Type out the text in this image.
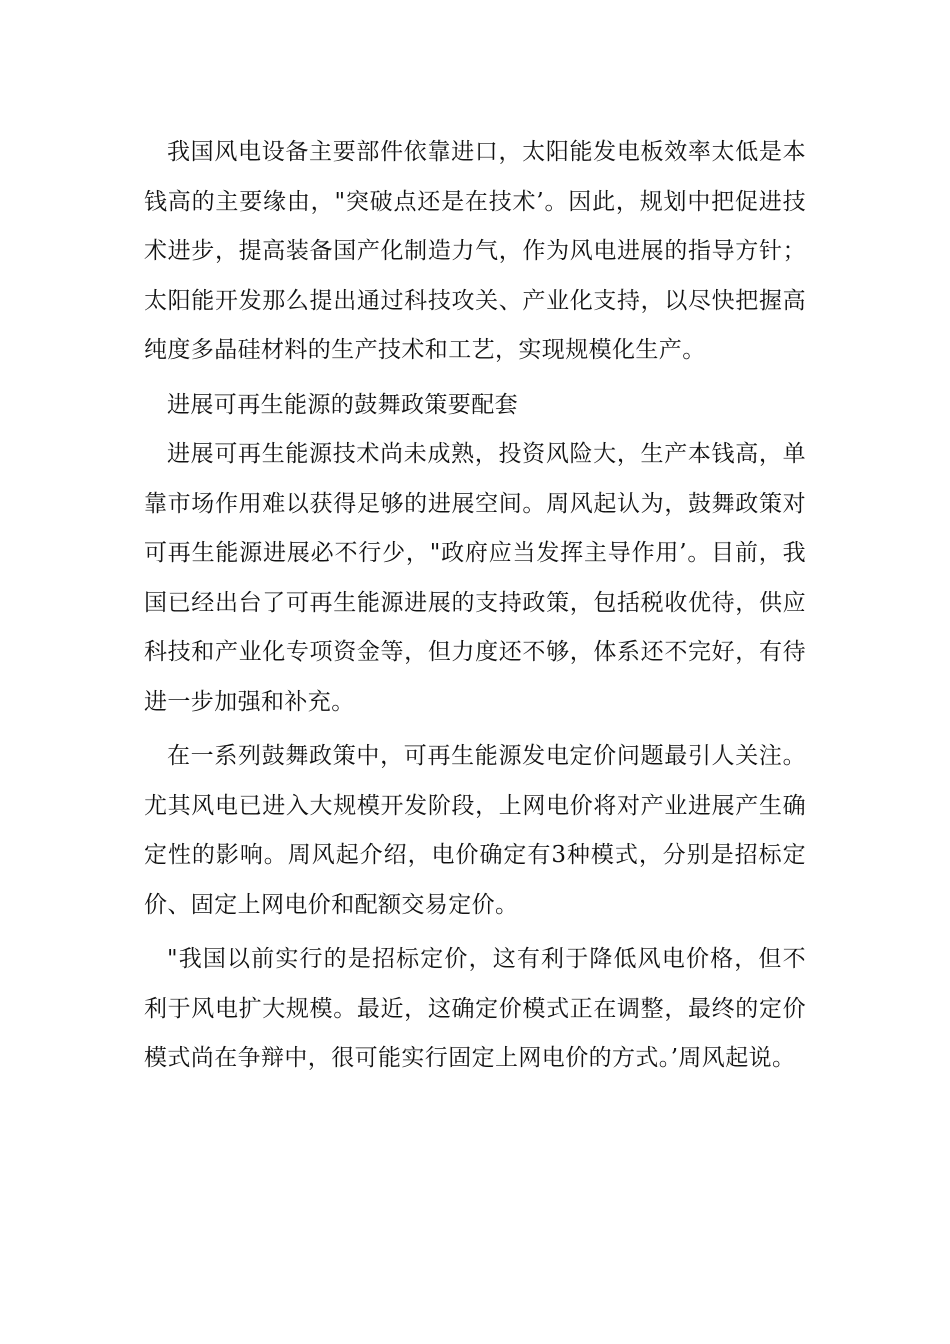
我国风电设备主要部件依靠进口，太阳能发电板效率太低是本钱高的主要缘由，"突破点还是在技术’。因此，规划中把促进技术进步，提高装备国产化制造力气，作为风电进展的指导方针；太阳能开发那么提出通过科技攻关、产业化支持，以尽快把握高纯度多晶硅材料的生产技术和工艺，实现规模化生产。

进展可再生能源的鼓舞政策要配套

进展可再生能源技术尚未成熟，投资风险大，生产本钱高，单靠市场作用难以获得足够的进展空间。周风起认为，鼓舞政策对可再生能源进展必不行少，"政府应当发挥主导作用’。目前，我国已经出台了可再生能源进展的支持政策，包括税收优待，供应科技和产业化专项资金等，但力度还不够，体系还不完好，有待进一步加强和补充。

在一系列鼓舞政策中，可再生能源发电定价问题最引人关注。尤其风电已进入大规模开发阶段，上网电价将对产业进展产生确定性的影响。周风起介绍，电价确定有3种模式，分别是招标定价、固定上网电价和配额交易定价。

"我国以前实行的是招标定价，这有利于降低风电价格，但不利于风电扩大规模。最近，这确定价模式正在调整，最终的定价模式尚在争辩中，很可能实行固定上网电价的方式。’周风起说。
